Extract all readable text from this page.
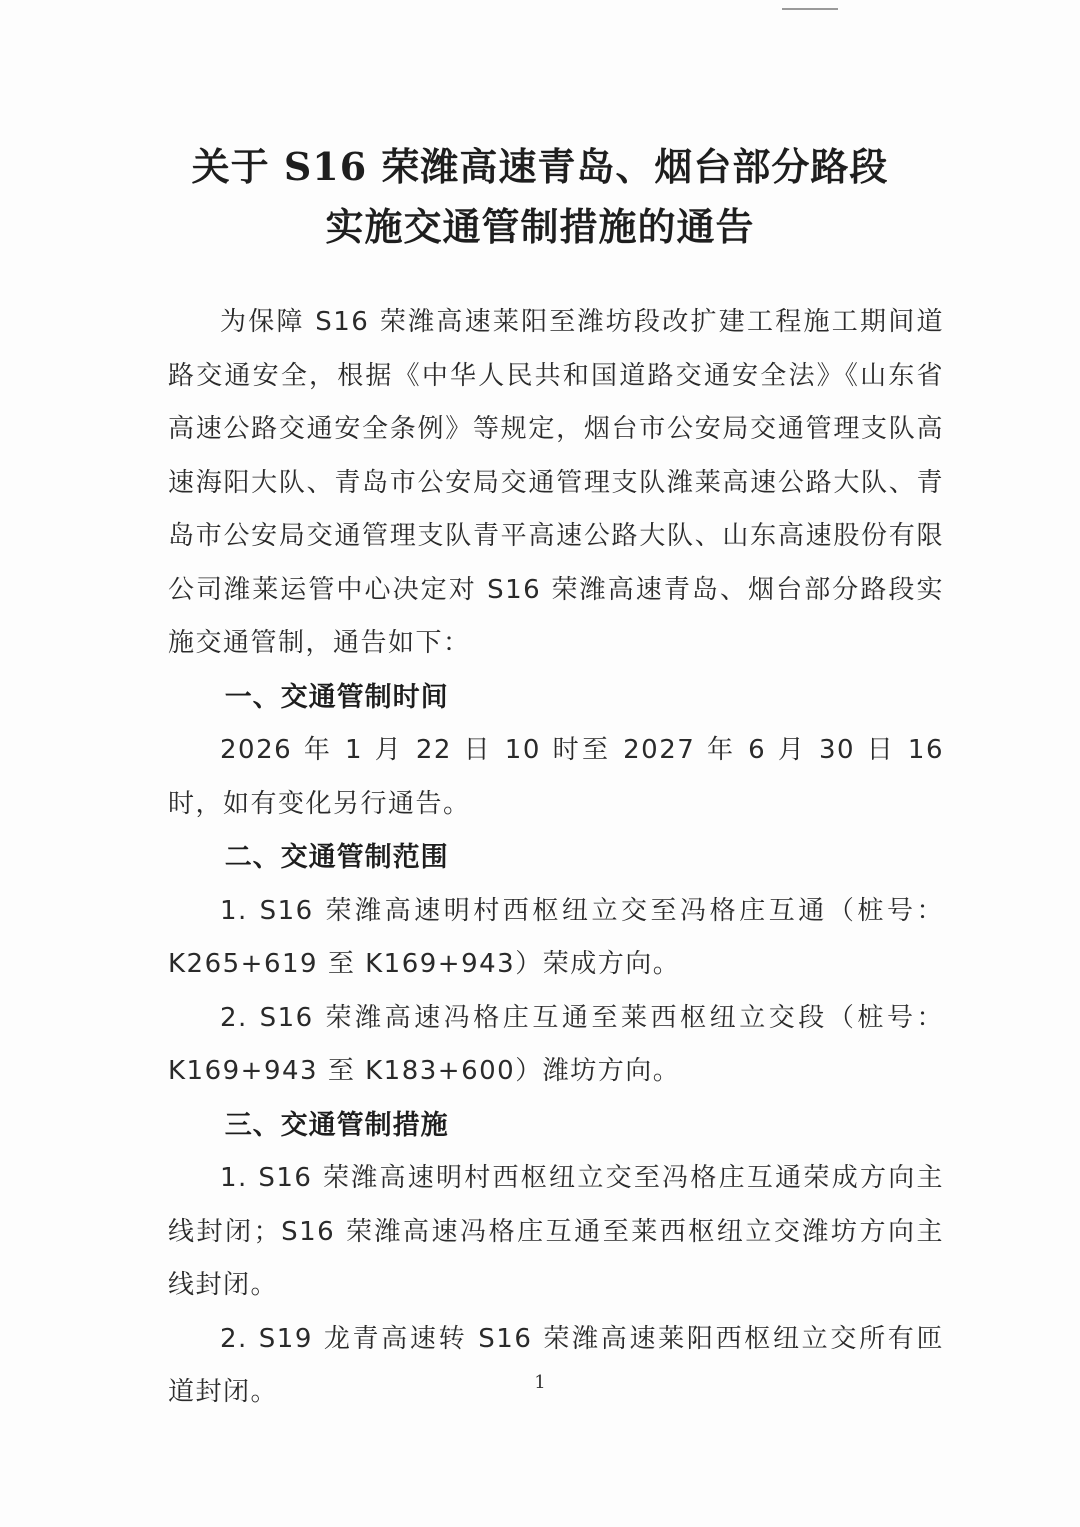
关于 S16 荣潍高速青岛、烟台部分路段
实施交通管制措施的通告

为保障 S16 荣潍高速莱阳至潍坊段改扩建工程施工期间道路交通安全，根据《中华人民共和国道路交通安全法》《山东省高速公路交通安全条例》等规定，烟台市公安局交通管理支队高速海阳大队、青岛市公安局交通管理支队潍莱高速公路大队、青岛市公安局交通管理支队青平高速公路大队、山东高速股份有限公司潍莱运管中心决定对 S16 荣潍高速青岛、烟台部分路段实施交通管制，通告如下：

一、交通管制时间

2026 年 1 月 22 日 10 时至 2027 年 6 月 30 日 16 时，如有变化另行通告。

二、交通管制范围

1. S16 荣潍高速明村西枢纽立交至冯格庄互通（桩号：K265+619 至 K169+943）荣成方向。

2. S16 荣潍高速冯格庄互通至莱西枢纽立交段（桩号：K169+943 至 K183+600）潍坊方向。

三、交通管制措施

1. S16 荣潍高速明村西枢纽立交至冯格庄互通荣成方向主线封闭；S16 荣潍高速冯格庄互通至莱西枢纽立交潍坊方向主线封闭。

2. S19 龙青高速转 S16 荣潍高速莱阳西枢纽立交所有匝道封闭。	1
